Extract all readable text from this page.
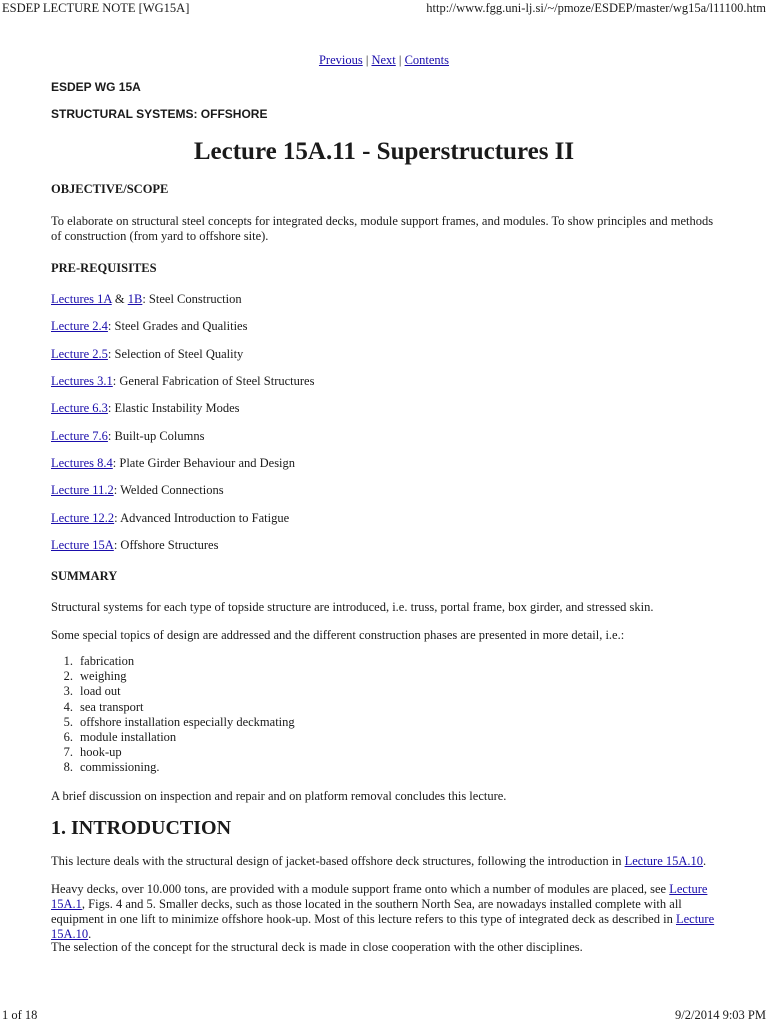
ESDEP LECTURE NOTE [WG15A]	http://www.fgg.uni-lj.si/~/pmoze/ESDEP/master/wg15a/l11100.htm
Previous | Next | Contents
ESDEP WG 15A
STRUCTURAL SYSTEMS: OFFSHORE
Lecture 15A.11 - Superstructures II
OBJECTIVE/SCOPE
To elaborate on structural steel concepts for integrated decks, module support frames, and modules. To show principles and methods of construction (from yard to offshore site).
PRE-REQUISITES
Lectures 1A & 1B: Steel Construction
Lecture 2.4: Steel Grades and Qualities
Lecture 2.5: Selection of Steel Quality
Lectures 3.1: General Fabrication of Steel Structures
Lecture 6.3: Elastic Instability Modes
Lecture 7.6: Built-up Columns
Lectures 8.4: Plate Girder Behaviour and Design
Lecture 11.2: Welded Connections
Lecture 12.2: Advanced Introduction to Fatigue
Lecture 15A: Offshore Structures
SUMMARY
Structural systems for each type of topside structure are introduced, i.e. truss, portal frame, box girder, and stressed skin.
Some special topics of design are addressed and the different construction phases are presented in more detail, i.e.:
1. fabrication
2. weighing
3. load out
4. sea transport
5. offshore installation especially deckmating
6. module installation
7. hook-up
8. commissioning.
A brief discussion on inspection and repair and on platform removal concludes this lecture.
1. INTRODUCTION
This lecture deals with the structural design of jacket-based offshore deck structures, following the introduction in Lecture 15A.10.
Heavy decks, over 10.000 tons, are provided with a module support frame onto which a number of modules are placed, see Lecture 15A.1, Figs. 4 and 5. Smaller decks, such as those located in the southern North Sea, are nowadays installed complete with all equipment in one lift to minimize offshore hook-up. Most of this lecture refers to this type of integrated deck as described in Lecture 15A.10.
The selection of the concept for the structural deck is made in close cooperation with the other disciplines.
1 of 18	9/2/2014 9:03 PM
